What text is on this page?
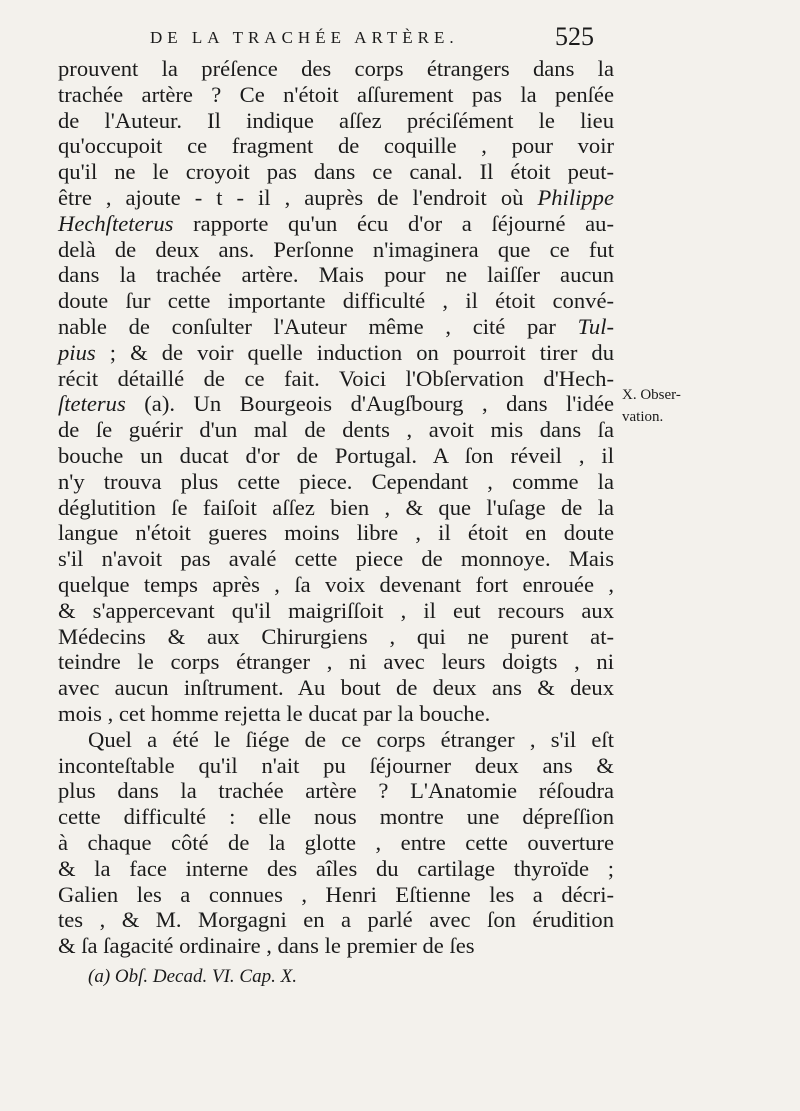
DE LA TRACHÉE ARTÈRE.	525
prouvent la préſence des corps étrangers dans la
trachée artère ? Ce n'étoit aſſurement pas la penſée
de l'Auteur. Il indique aſſez préciſément le lieu
qu'occupoit ce fragment de coquille , pour voir
qu'il ne le croyoit pas dans ce canal. Il étoit peut-
être , ajoute - t - il , auprès de l'endroit où Philippe
Hechſteterus rapporte qu'un écu d'or a ſéjourné au-
delà de deux ans. Perſonne n'imaginera que ce fut
dans la trachée artère. Mais pour ne laiſſer aucun
doute ſur cette importante difficulté , il étoit convé-
nable de conſulter l'Auteur même , cité par Tul-
pius ; & de voir quelle induction on pourroit tirer du
récit détaillé de ce fait. Voici l'Obſervation d'Hech-
ſteterus (a). Un Bourgeois d'Augſbourg , dans l'idée
de ſe guérir d'un mal de dents , avoit mis dans ſa
bouche un ducat d'or de Portugal. A ſon réveil , il
n'y trouva plus cette piece. Cependant , comme la
déglutition ſe faiſoit aſſez bien , & que l'uſage de la
langue n'étoit gueres moins libre , il étoit en doute
s'il n'avoit pas avalé cette piece de monnoye. Mais
quelque temps après , ſa voix devenant fort enrouée ,
& s'appercevant qu'il maigriſſoit , il eut recours aux
Médecins & aux Chirurgiens , qui ne purent at-
teindre le corps étranger , ni avec leurs doigts , ni
avec aucun inſtrument. Au bout de deux ans & deux
mois , cet homme rejetta le ducat par la bouche.
Quel a été le ſiége de ce corps étranger , s'il eſt
inconteſtable qu'il n'ait pu ſéjourner deux ans &
plus dans la trachée artère ? L'Anatomie réſoudra
cette difficulté : elle nous montre une dépreſſion
à chaque côté de la glotte , entre cette ouverture
& la face interne des aîles du cartilage thyroïde ;
Galien les a connues , Henri Eſtienne les a décri-
tes , & M. Morgagni en a parlé avec ſon érudition
& ſa ſagacité ordinaire , dans le premier de ſes
X. Obser-
vation.
(a) Obſ. Decad. VI. Cap. X.
